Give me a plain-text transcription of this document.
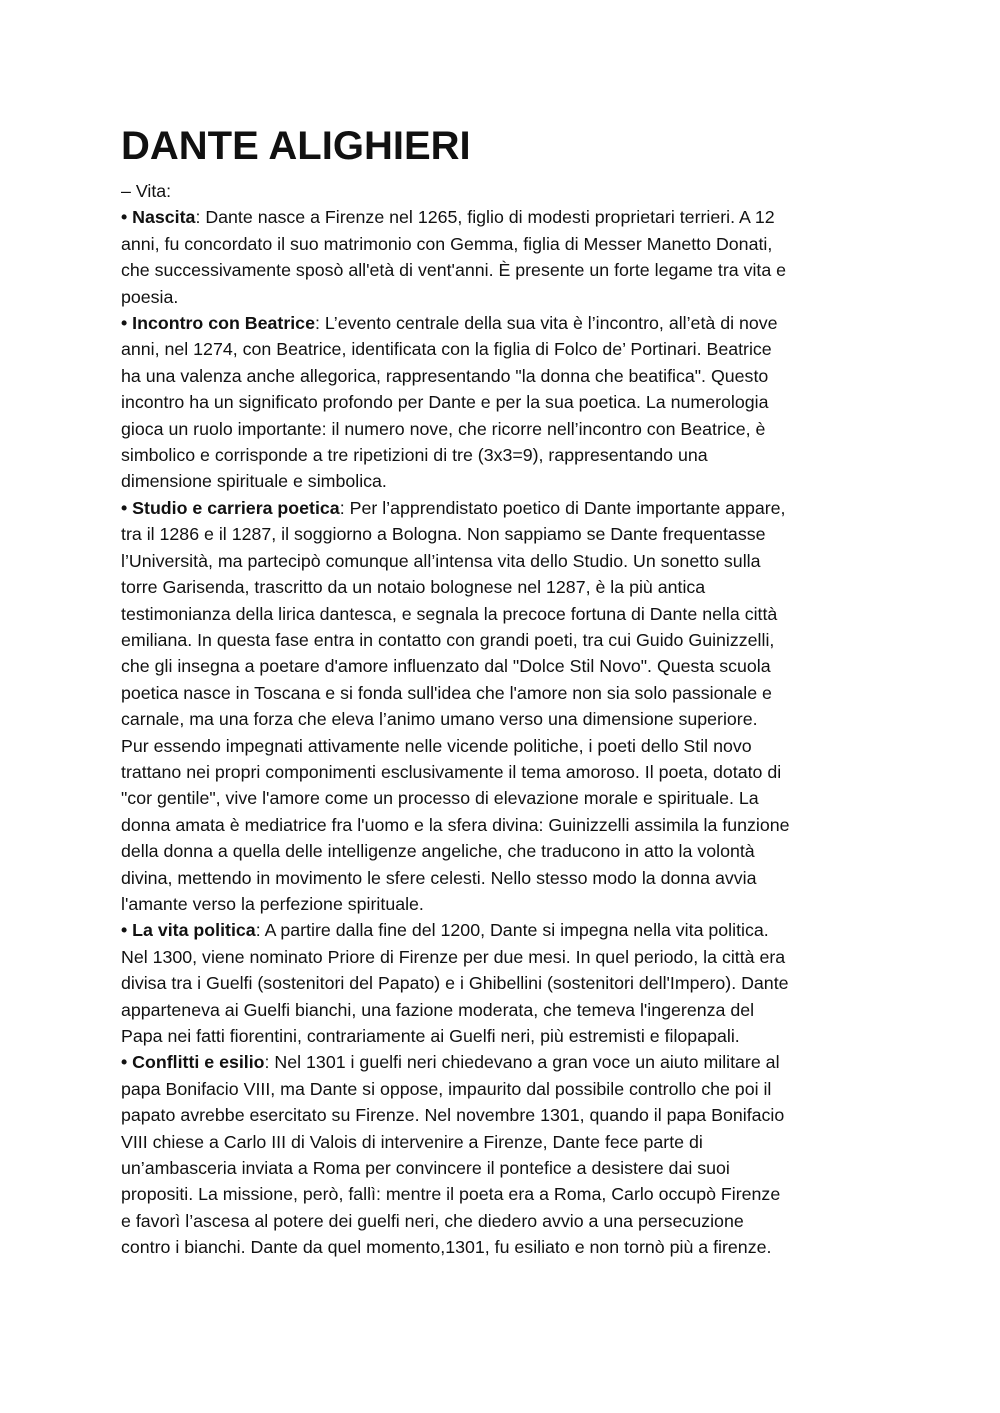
DANTE ALIGHIERI
– Vita:
• Nascita: Dante nasce a Firenze nel 1265, figlio di modesti proprietari terrieri. A 12
anni, fu concordato il suo matrimonio con Gemma, figlia di Messer Manetto Donati,
che successivamente sposò all'età di vent'anni. È presente un forte legame tra vita e
poesia.
• Incontro con Beatrice: L’evento centrale della sua vita è l’incontro, all’età di nove
anni, nel 1274, con Beatrice, identificata con la figlia di Folco de’ Portinari. Beatrice
ha una valenza anche allegorica, rappresentando "la donna che beatifica". Questo
incontro ha un significato profondo per Dante e per la sua poetica. La numerologia
gioca un ruolo importante: il numero nove, che ricorre nell’incontro con Beatrice, è
simbolico e corrisponde a tre ripetizioni di tre (3x3=9), rappresentando una
dimensione spirituale e simbolica.
• Studio e carriera poetica: Per l’apprendistato poetico di Dante importante appare,
tra il 1286 e il 1287, il soggiorno a Bologna. Non sappiamo se Dante frequentasse
l’Università, ma partecipò comunque all’intensa vita dello Studio. Un sonetto sulla
torre Garisenda, trascritto da un notaio bolognese nel 1287, è la più antica
testimonianza della lirica dantesca, e segnala la precoce fortuna di Dante nella città
emiliana. In questa fase entra in contatto con grandi poeti, tra cui Guido Guinizzelli,
che gli insegna a poetare d'amore influenzato dal "Dolce Stil Novo". Questa scuola
poetica nasce in Toscana e si fonda sull'idea che l'amore non sia solo passionale e
carnale, ma una forza che eleva l’animo umano verso una dimensione superiore.
Pur essendo impegnati attivamente nelle vicende politiche, i poeti dello Stil novo
trattano nei propri componimenti esclusivamente il tema amoroso. Il poeta, dotato di
"cor gentile", vive l'amore come un processo di elevazione morale e spirituale. La
donna amata è mediatrice fra l'uomo e la sfera divina: Guinizzelli assimila la funzione
della donna a quella delle intelligenze angeliche, che traducono in atto la volontà
divina, mettendo in movimento le sfere celesti. Nello stesso modo la donna avvia
l'amante verso la perfezione spirituale.
• La vita politica: A partire dalla fine del 1200, Dante si impegna nella vita politica.
Nel 1300, viene nominato Priore di Firenze per due mesi. In quel periodo, la città era
divisa tra i Guelfi (sostenitori del Papato) e i Ghibellini (sostenitori dell'Impero). Dante
apparteneva ai Guelfi bianchi, una fazione moderata, che temeva l'ingerenza del
Papa nei fatti fiorentini, contrariamente ai Guelfi neri, più estremisti e filopapali.
• Conflitti e esilio: Nel 1301 i guelfi neri chiedevano a gran voce un aiuto militare al
papa Bonifacio VIII, ma Dante si oppose, impaurito dal possibile controllo che poi il
papato avrebbe esercitato su Firenze. Nel novembre 1301, quando il papa Bonifacio
VIII chiese a Carlo III di Valois di intervenire a Firenze, Dante fece parte di
un’ambasceria inviata a Roma per convincere il pontefice a desistere dai suoi
propositi. La missione, però, fallì: mentre il poeta era a Roma, Carlo occupò Firenze
e favorì l’ascesa al potere dei guelfi neri, che diedero avvio a una persecuzione
contro i bianchi. Dante da quel momento,1301, fu esiliato e non tornò più a firenze.
